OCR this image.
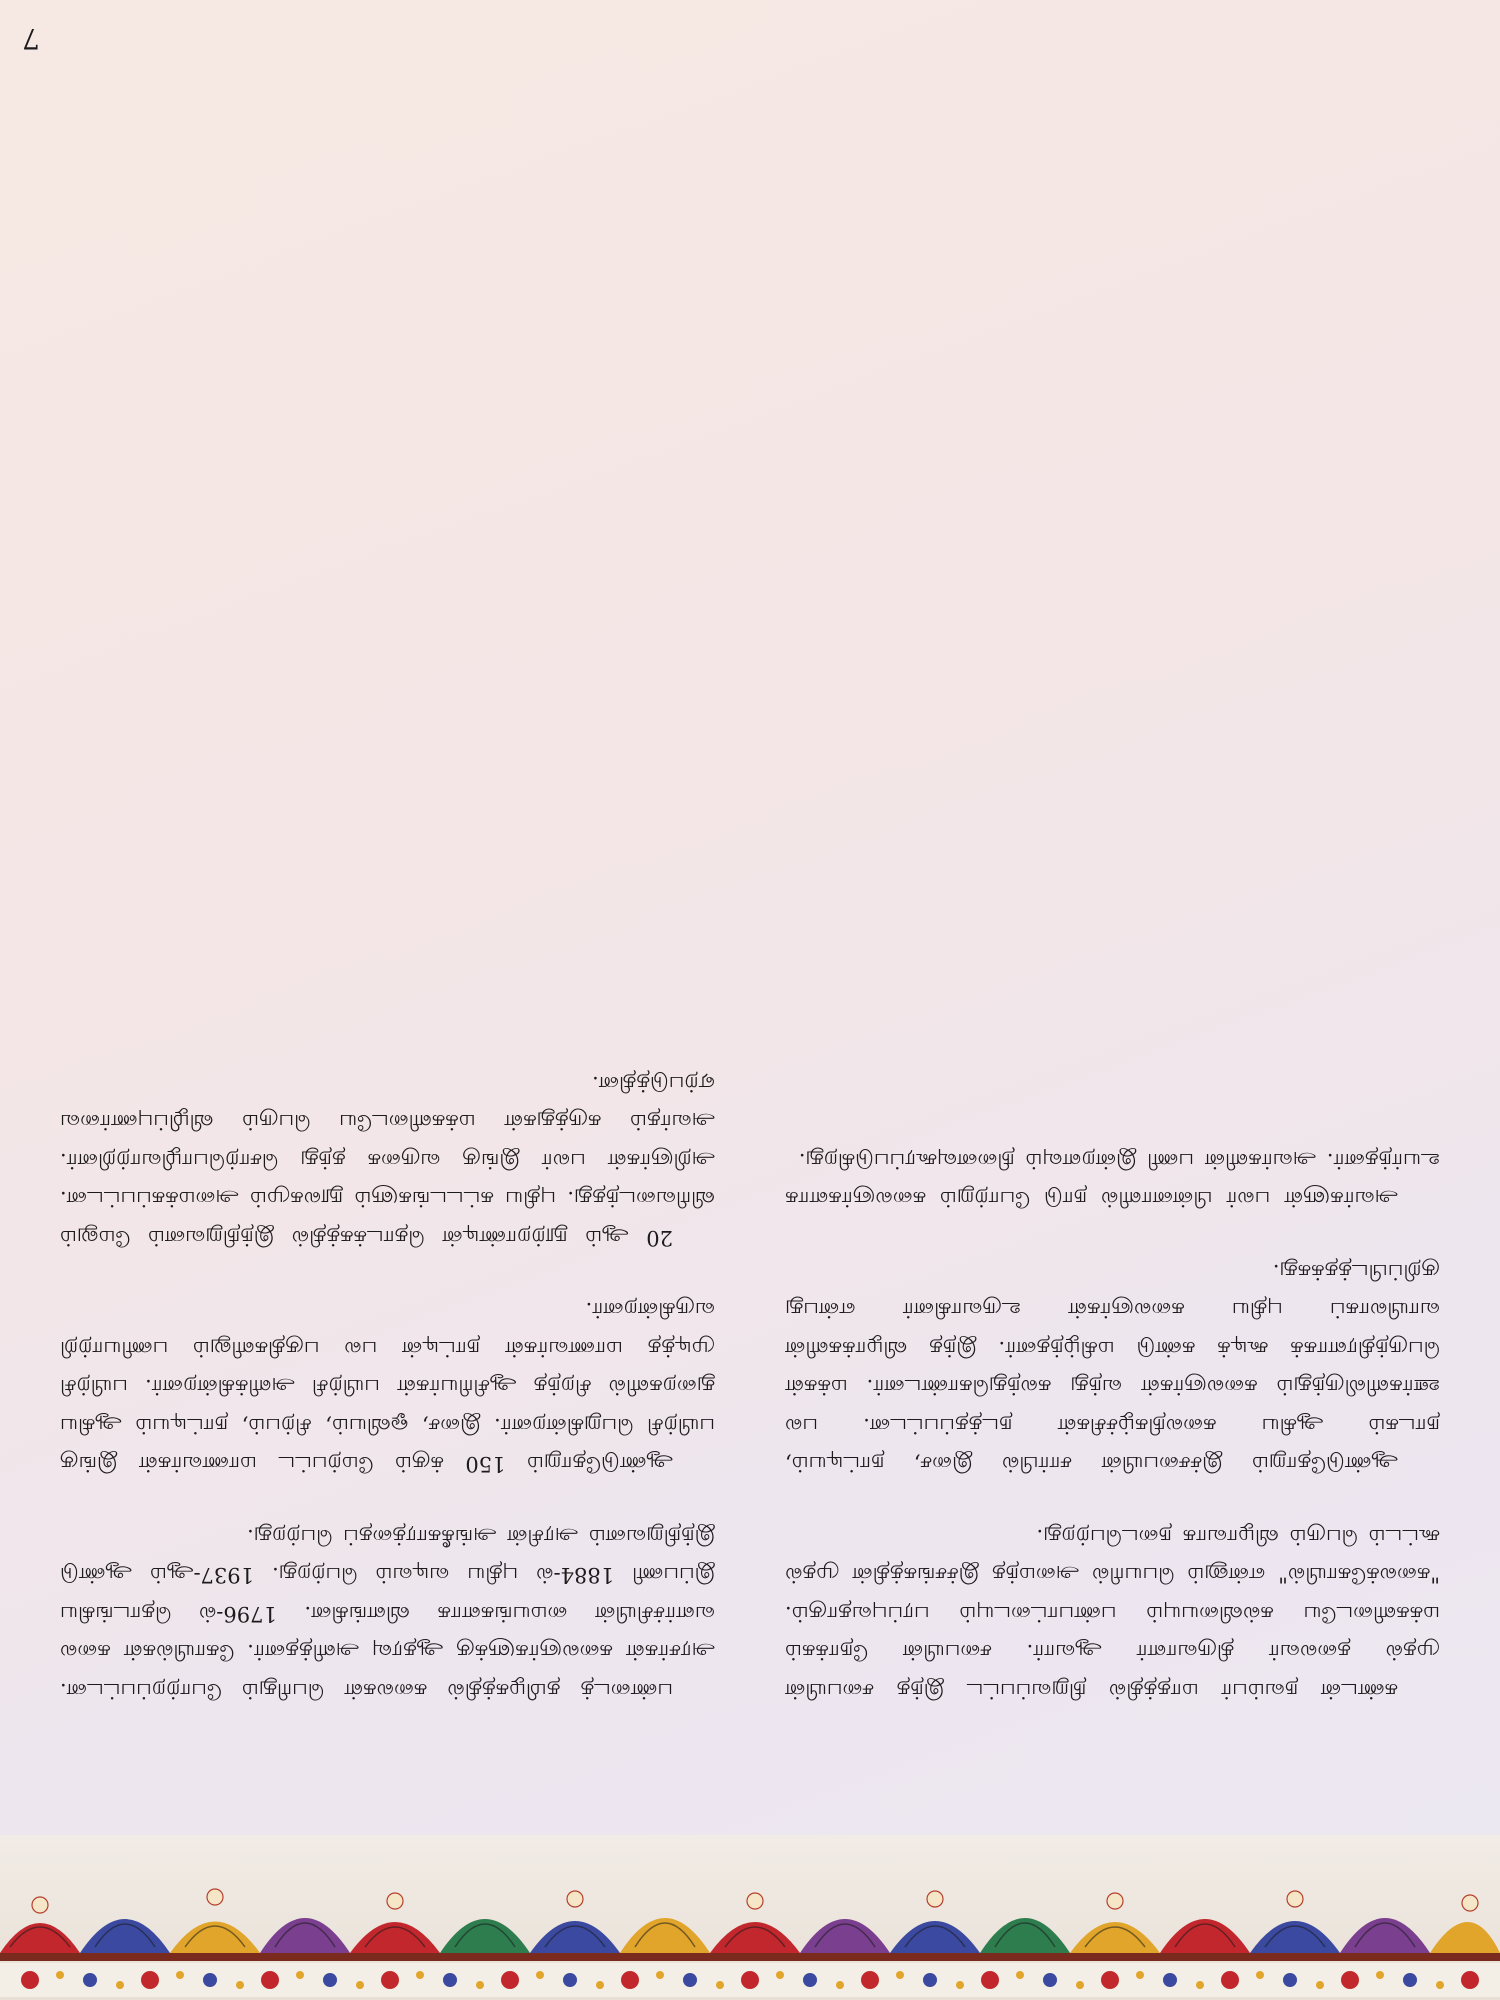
7

கண்டன் நவம்பர் மாதத்தில் நிறுவப்பட்ட இந்த சபையின் முதல் தலைவர் திருவாளர் ஆவார். சபையின் நோக்கம் மக்களிடையே கல்வியையும் பண்பாட்டையும் பரப்புவதாகும். "கலைக்கோயில்" என்னும் பெயரில் அமைந்த இச்சங்கத்தின் முதல் கூட்டம் பெரும் விழாவாக நடைபெற்றது.

ஆண்டுதோறும் இச்சபையின் சார்பில் இசை, நாட்டியம், நாடகம் ஆகிய கலைநிகழ்ச்சிகள் நடத்தப்பட்டன. பல ஊர்களிலிருந்தும் கலைஞர்கள் வந்து கலந்துகொண்டனர். மக்கள் பெருந்திரளாகக் கூடிக் கண்டு மகிழ்ந்தனர். இந்த விழாக்களின் வாயிலாகப் புதிய கலைஞர்கள் உருவாகினர் என்பது குறிப்பிடத்தக்கது.

அவர்களுள் பலர் பின்னாளில் நாடு போற்றும் கலைஞர்களாக உயர்ந்தனர். அவர்களின் பணி இன்றளவும் நினைவுகூரப்படுகிறது.

பண்டைத் தமிழகத்தில் கலைகள் பெரிதும் போற்றப்பட்டன. அரசர்கள் கலைஞர்களுக்கு ஆதரவு அளித்தனர். கோயில்கள் கலை வளர்ச்சியின் மையங்களாக விளங்கின. 1796-ல் தொடங்கிய இப்பணி 1884-ல் புதிய வடிவம் பெற்றது. 1937-ஆம் ஆண்டு இந்நிறுவனம் அரசின் அங்கீகாரத்தைப் பெற்றது.

ஆண்டுதோறும் 150 க்கும் மேற்பட்ட மாணவர்கள் இங்கு பயிற்சி பெறுகின்றனர். இசை, ஓவியம், சிற்பம், நாட்டியம் ஆகிய துறைகளில் சிறந்த ஆசிரியர்கள் பயிற்சி அளிக்கின்றனர். பயிற்சி முடித்த மாணவர்கள் நாட்டின் பல பகுதிகளிலும் பணியாற்றி வருகின்றனர்.

20 ஆம் நூற்றாண்டின் தொடக்கத்தில் இந்நிறுவனம் மேலும் விரிவடைந்தது. புதிய கட்டடங்களும் நூலகமும் அமைக்கப்பட்டன. அறிஞர்கள் பலர் இங்கு வருகை தந்து சொற்பொழிவாற்றினர். அவர்தம் கருத்துகள் மக்களிடையே பெரும் விழிப்புணர்வை ஏற்படுத்தின.
